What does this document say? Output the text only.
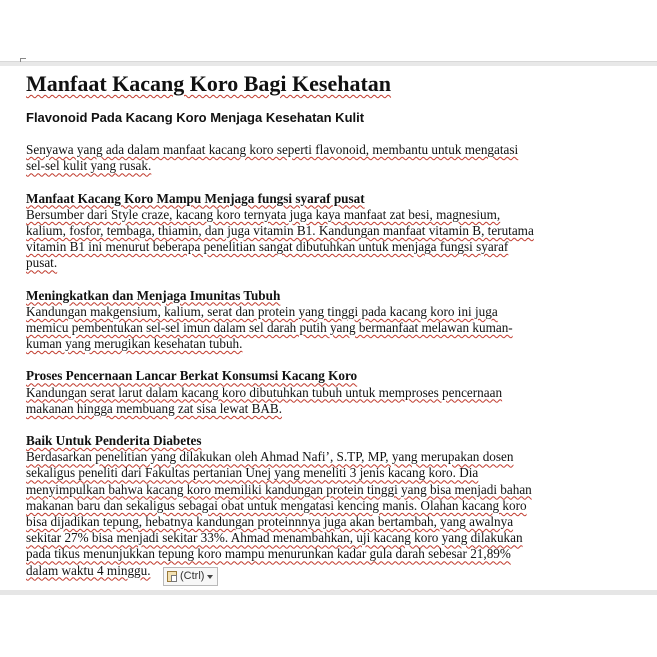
Manfaat Kacang Koro Bagi Kesehatan

Flavonoid Pada Kacang Koro Menjaga Kesehatan Kulit

Senyawa yang ada dalam manfaat kacang koro seperti flavonoid, membantu untuk mengatasi

sel-sel kulit yang rusak.

Manfaat Kacang Koro Mampu Menjaga fungsi syaraf pusat

Bersumber dari Style craze, kacang koro ternyata juga kaya manfaat zat besi, magnesium,

kalium, fosfor, tembaga, thiamin, dan juga vitamin B1. Kandungan manfaat vitamin B, terutama

vitamin B1 ini menurut beberapa penelitian sangat dibutuhkan untuk menjaga fungsi syaraf

pusat.

Meningkatkan dan Menjaga Imunitas Tubuh

Kandungan makgensium, kalium, serat dan protein yang tinggi pada kacang koro ini juga

memicu pembentukan sel-sel imun dalam sel darah putih yang bermanfaat melawan kuman-

kuman yang merugikan kesehatan tubuh.

Proses Pencernaan Lancar Berkat Konsumsi Kacang Koro

Kandungan serat larut dalam kacang koro dibutuhkan tubuh untuk memproses pencernaan

makanan hingga membuang zat sisa lewat BAB.

Baik Untuk Penderita Diabetes

Berdasarkan penelitian yang dilakukan oleh Ahmad Nafi’, S.TP, MP, yang merupakan dosen

sekaligus peneliti dari Fakultas pertanian Unej yang meneliti 3 jenis kacang koro. Dia

menyimpulkan bahwa kacang koro memiliki kandungan protein tinggi yang bisa menjadi bahan

makanan baru dan sekaligus sebagai obat untuk mengatasi kencing manis. Olahan kacang koro

bisa dijadikan tepung, hebatnya kandungan proteinnnya juga akan bertambah, yang awalnya

sekitar 27% bisa menjadi sekitar 33%. Ahmad menambahkan, uji kacang koro yang dilakukan

pada tikus menunjukkan tepung koro mampu menurunkan kadar gula darah sebesar 21,89%

dalam waktu 4 minggu.	(Ctrl)
